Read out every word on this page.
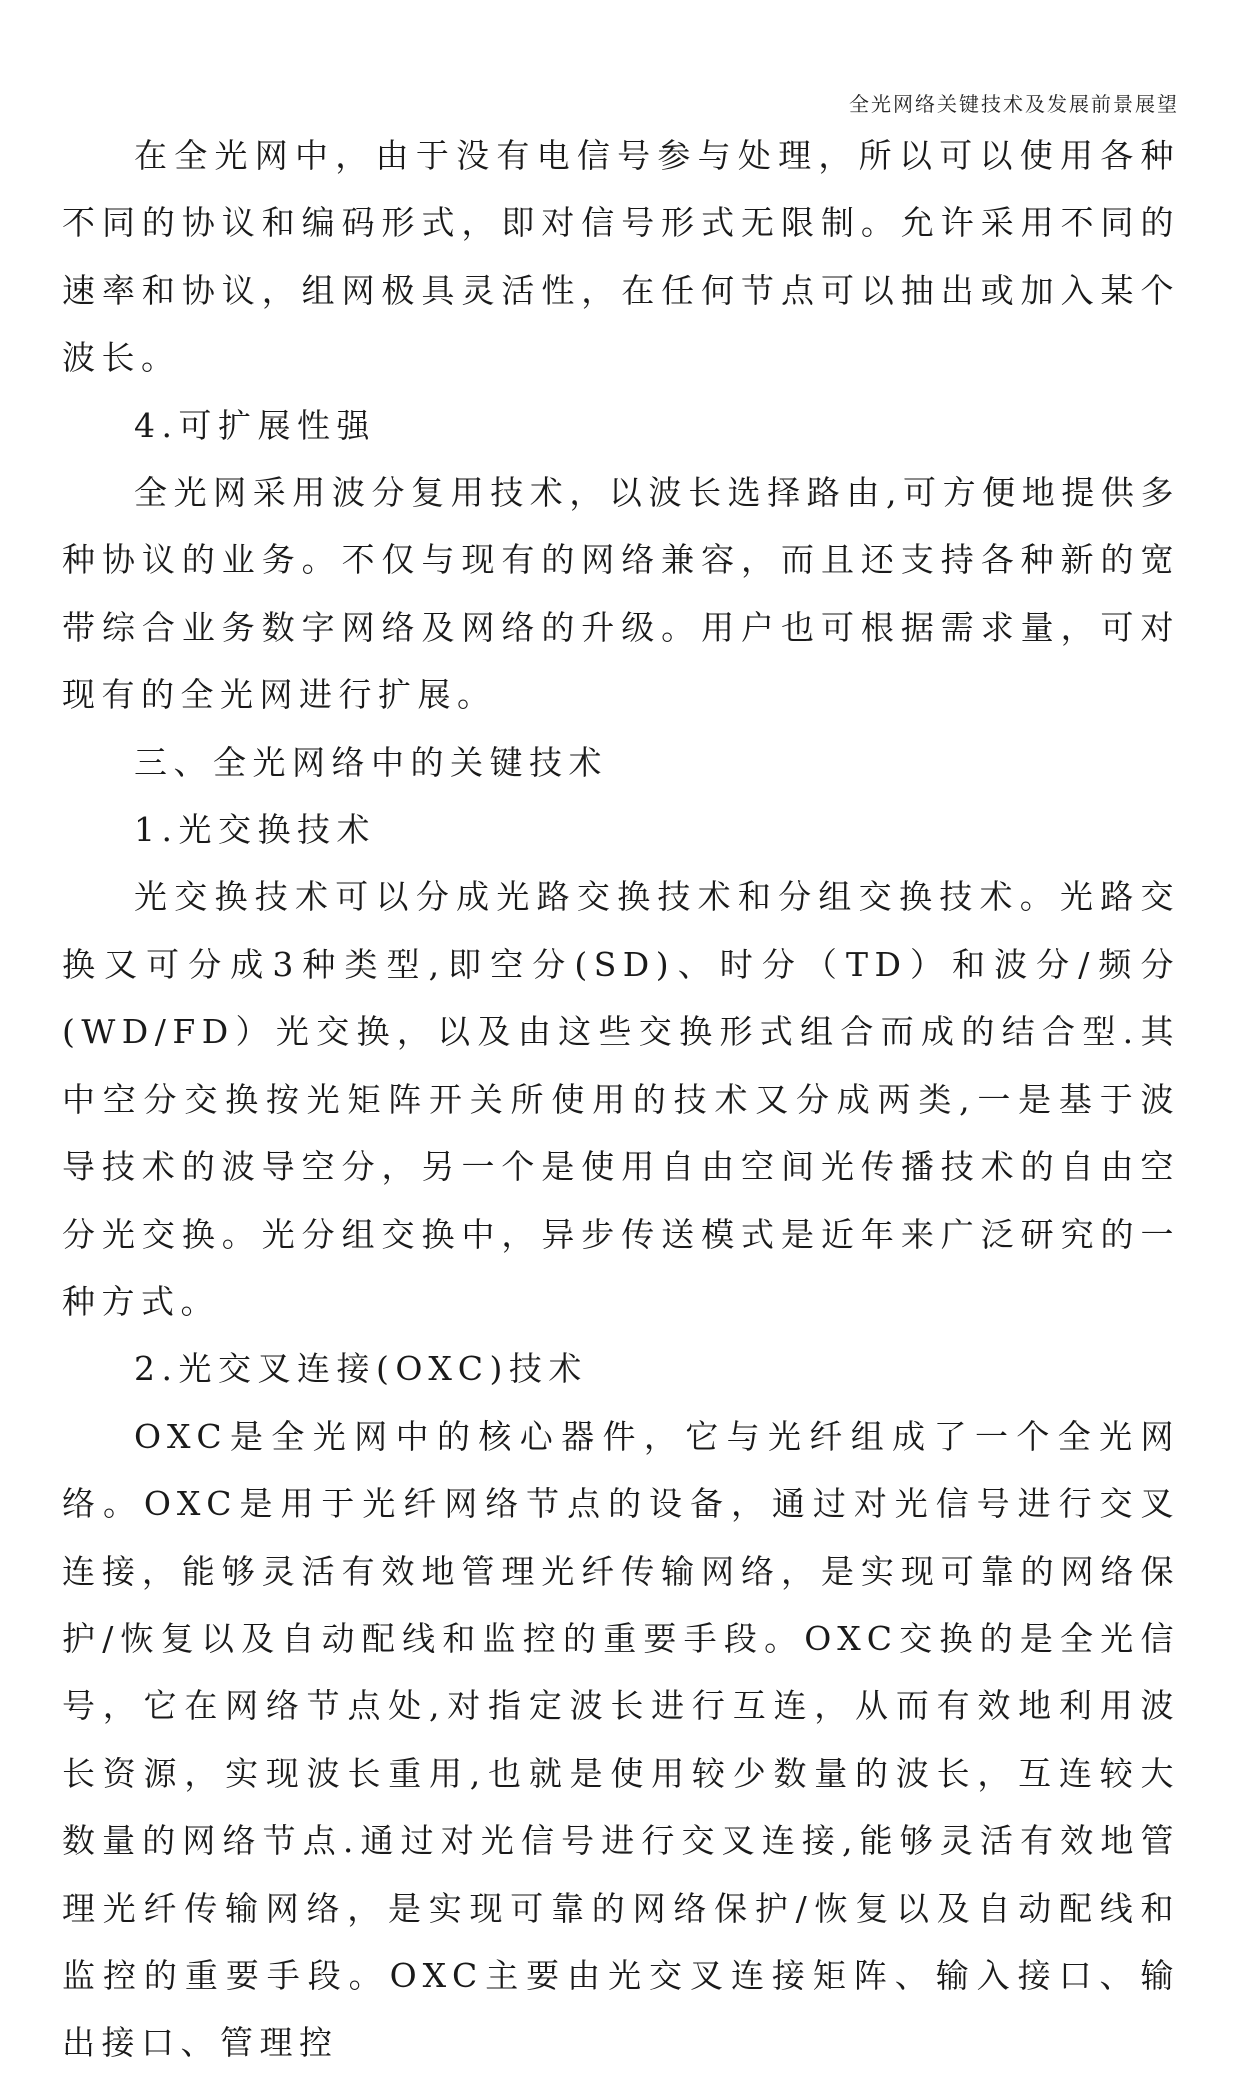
全光网络关键技术及发展前景展望

在全光网中，由于没有电信号参与处理，所以可以使用各种不同的协议和编码形式，即对信号形式无限制。允许采用不同的速率和协议，组网极具灵活性，在任何节点可以抽出或加入某个波长。

4.可扩展性强

全光网采用波分复用技术，以波长选择路由,可方便地提供多种协议的业务。不仅与现有的网络兼容，而且还支持各种新的宽带综合业务数字网络及网络的升级。用户也可根据需求量，可对现有的全光网进行扩展。

三、全光网络中的关键技术

1.光交换技术

光交换技术可以分成光路交换技术和分组交换技术。光路交换又可分成3种类型,即空分(SD)、时分（TD）和波分/频分(WD/FD）光交换，以及由这些交换形式组合而成的结合型.其中空分交换按光矩阵开关所使用的技术又分成两类,一是基于波导技术的波导空分，另一个是使用自由空间光传播技术的自由空分光交换。光分组交换中，异步传送模式是近年来广泛研究的一种方式。

2.光交叉连接(OXC)技术

OXC是全光网中的核心器件，它与光纤组成了一个全光网络。OXC是用于光纤网络节点的设备，通过对光信号进行交叉连接，能够灵活有效地管理光纤传输网络，是实现可靠的网络保护/恢复以及自动配线和监控的重要手段。OXC交换的是全光信号，它在网络节点处,对指定波长进行互连，从而有效地利用波长资源，实现波长重用,也就是使用较少数量的波长，互连较大数量的网络节点.通过对光信号进行交叉连接,能够灵活有效地管理光纤传输网络，是实现可靠的网络保护/恢复以及自动配线和监控的重要手段。OXC主要由光交叉连接矩阵、输入接口、输出接口、管理控
